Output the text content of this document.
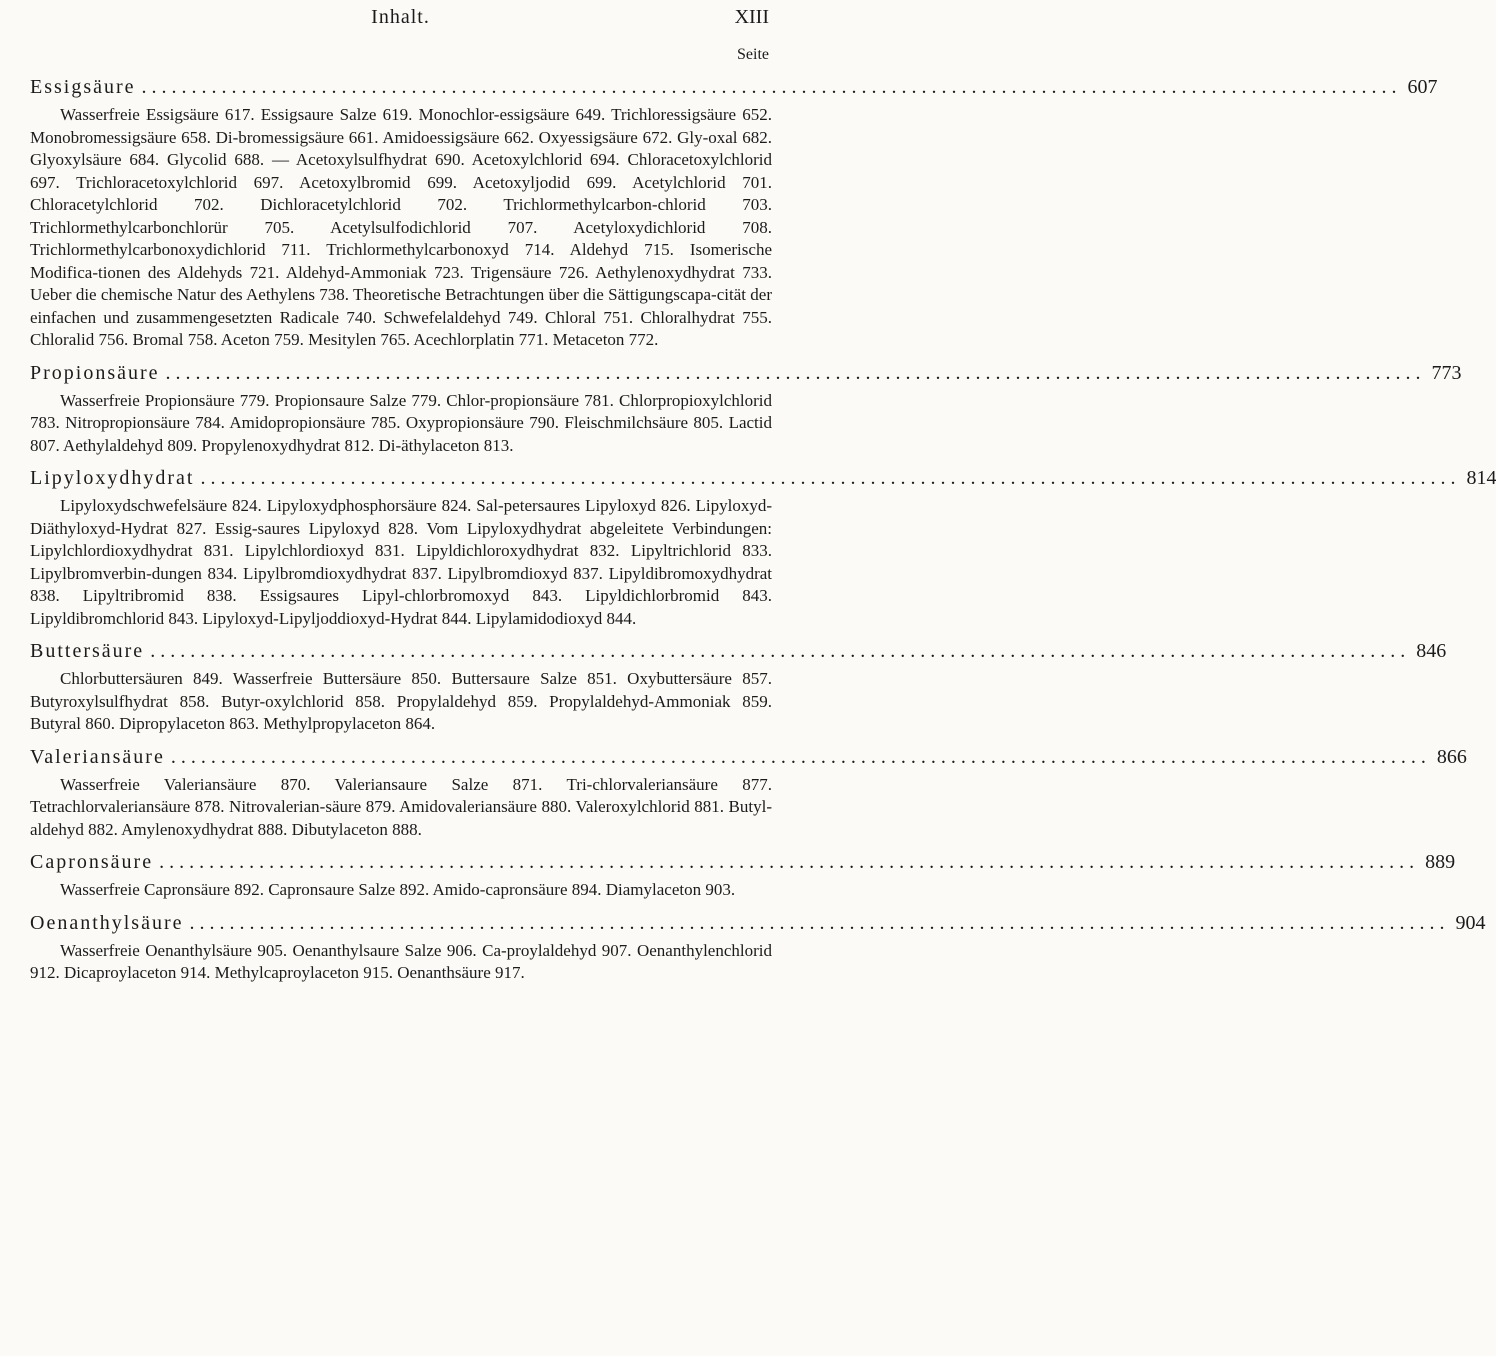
Inhalt.	XIII
Seite
Essigsäure .............................................................................................................................. 607

Wasserfreie Essigsäure 617. Essigsaure Salze 619. Monochlor-essigsäure 649. Trichloressigsäure 652. Monobromessigsäure 658. Di-bromessigsäure 661. Amidoessigsäure 662. Oxyessigsäure 672. Gly-oxal 682. Glyoxylsäure 684. Glycolid 688. — Acetoxylsulfhydrat 690. Acetoxylchlorid 694. Chloracetoxylchlorid 697. Trichloracetoxylchlorid 697. Acetoxylbromid 699. Acetoxyljodid 699. Acetylchlorid 701. Chloracetylchlorid 702. Dichloracetylchlorid 702. Trichlormethylcarbon-chlorid 703. Trichlormethylcarbonchlorür 705. Acetylsulfodichlorid 707. Acetyloxydichlorid 708. Trichlormethylcarbonoxydichlorid 711. Trichlormethylcarbonoxyd 714. Aldehyd 715. Isomerische Modifica-tionen des Aldehyds 721. Aldehyd-Ammoniak 723. Trigensäure 726. Aethylenoxydhydrat 733. Ueber die chemische Natur des Aethylens 738. Theoretische Betrachtungen über die Sättigungscapa-cität der einfachen und zusammengesetzten Radicale 740. Schwefelaldehyd 749. Chloral 751. Chloralhydrat 755. Chloralid 756. Bromal 758. Aceton 759. Mesitylen 765. Acechlorplatin 771. Metaceton 772.

Propionsäure .............................................................................................................................. 773

Wasserfreie Propionsäure 779. Propionsaure Salze 779. Chlor-propionsäure 781. Chlorpropioxylchlorid 783. Nitropropionsäure 784. Amidopropionsäure 785. Oxypropionsäure 790. Fleischmilchsäure 805. Lactid 807. Aethylaldehyd 809. Propylenoxydhydrat 812. Di-äthylaceton 813.

Lipyloxydhydrat .............................................................................................................................. 814

Lipyloxydschwefelsäure 824. Lipyloxydphosphorsäure 824. Sal-petersaures Lipyloxyd 826. Lipyloxyd-Diäthyloxyd-Hydrat 827. Essig-saures Lipyloxyd 828. Vom Lipyloxydhydrat abgeleitete Verbindungen: Lipylchlordioxydhydrat 831. Lipylchlordioxyd 831. Lipyldichloroxydhydrat 832. Lipyltrichlorid 833. Lipylbromverbin-dungen 834. Lipylbromdioxydhydrat 837. Lipylbromdioxyd 837. Lipyldibromoxydhydrat 838. Lipyltribromid 838. Essigsaures Lipyl-chlorbromoxyd 843. Lipyldichlorbromid 843. Lipyldibromchlorid 843. Lipyloxyd-Lipyljoddioxyd-Hydrat 844. Lipylamidodioxyd 844.

Buttersäure .............................................................................................................................. 846

Chlorbuttersäuren 849. Wasserfreie Buttersäure 850. Buttersaure Salze 851. Oxybuttersäure 857. Butyroxylsulfhydrat 858. Butyr-oxylchlorid 858. Propylaldehyd 859. Propylaldehyd-Ammoniak 859. Butyral 860. Dipropylaceton 863. Methylpropylaceton 864.

Valeriansäure .............................................................................................................................. 866

Wasserfreie Valeriansäure 870. Valeriansaure Salze 871. Tri-chlorvaleriansäure 877. Tetrachlorvaleriansäure 878. Nitrovalerian-säure 879. Amidovaleriansäure 880. Valeroxylchlorid 881. Butyl-aldehyd 882. Amylenoxydhydrat 888. Dibutylaceton 888.

Capronsäure .............................................................................................................................. 889

Wasserfreie Capronsäure 892. Capronsaure Salze 892. Amido-capronsäure 894. Diamylaceton 903.

Oenanthylsäure .............................................................................................................................. 904

Wasserfreie Oenanthylsäure 905. Oenanthylsaure Salze 906. Ca-proylaldehyd 907. Oenanthylenchlorid 912. Dicaproylaceton 914. Methylcaproylaceton 915. Oenanthsäure 917.
